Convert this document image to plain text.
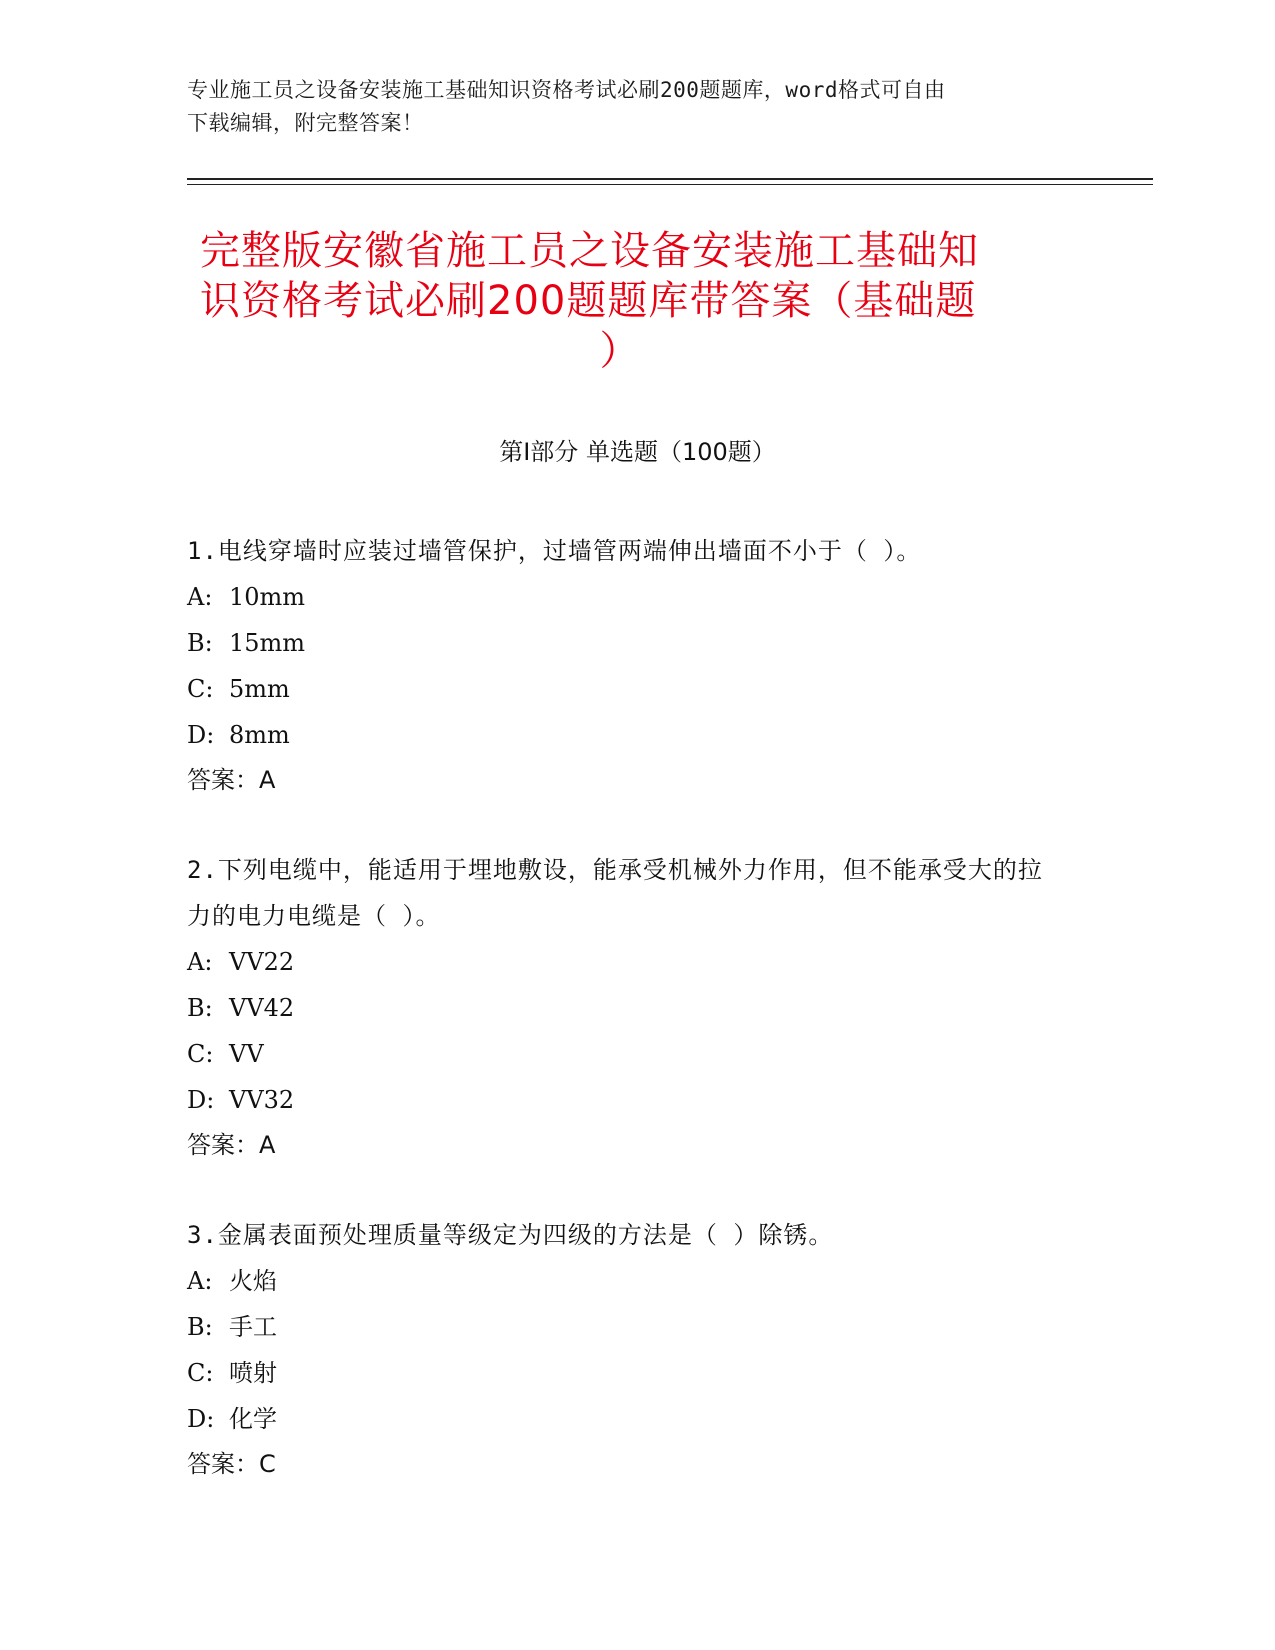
专业施工员之设备安装施工基础知识资格考试必刷200题题库，word格式可自由
下载编辑，附完整答案！
完整版安徽省施工员之设备安装施工基础知
识资格考试必刷200题题库带答案（基础题
）
第Ⅰ部分 单选题（100题）
1.电线穿墙时应装过墙管保护，过墙管两端伸出墙面不小于（ ）。
A: 10mm
B: 15mm
C: 5mm
D: 8mm
答案：A
2.下列电缆中，能适用于埋地敷设，能承受机械外力作用，但不能承受大的拉力的电力电缆是（ ）。
A: VV22
B: VV42
C: VV
D: VV32
答案：A
3.金属表面预处理质量等级定为四级的方法是（ ）除锈。
A: 火焰
B: 手工
C: 喷射
D: 化学
答案：C
